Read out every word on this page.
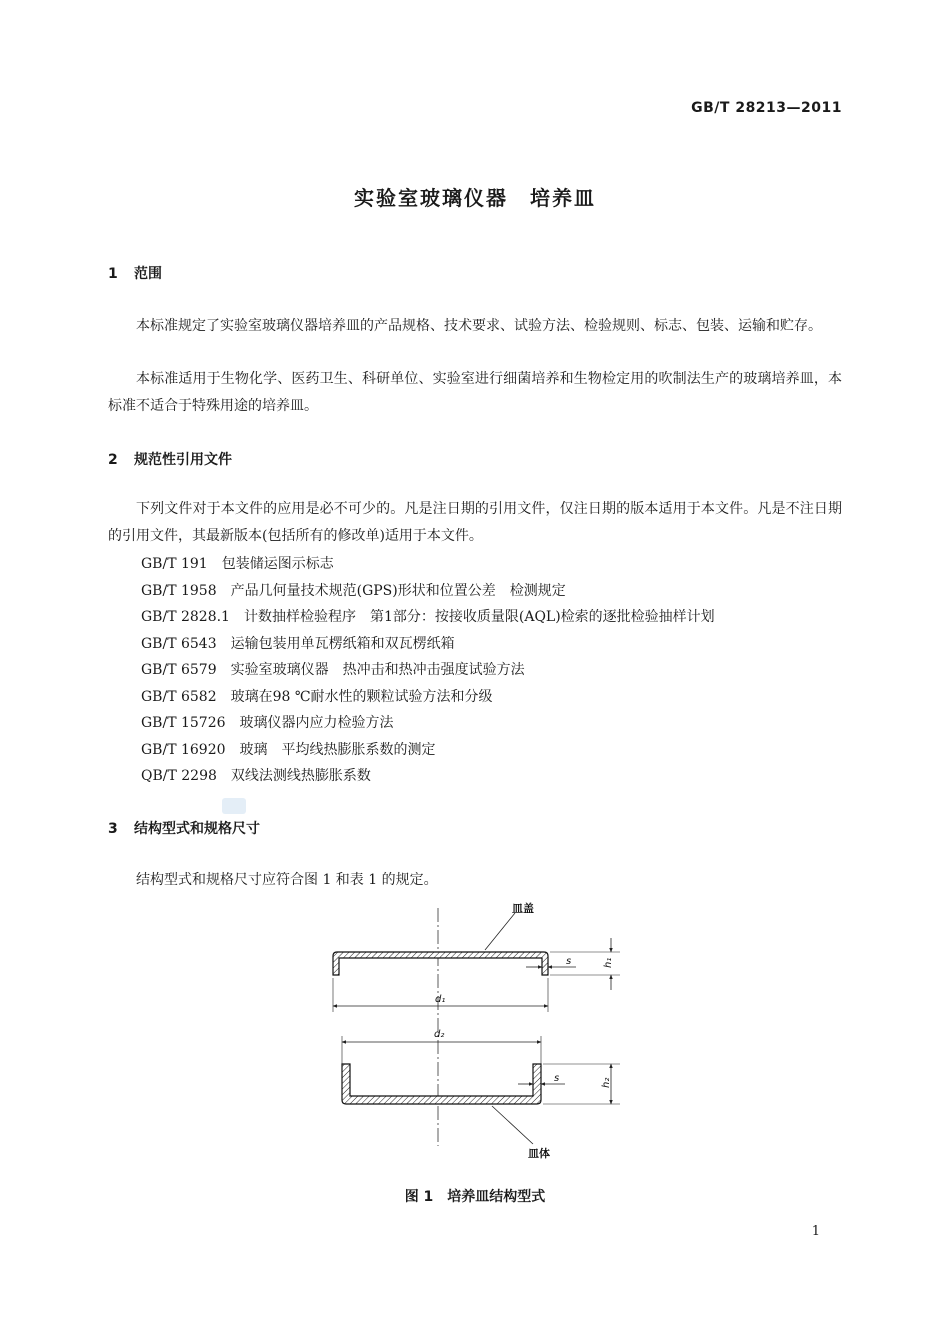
GB/T 28213—2011
实验室玻璃仪器　培养皿
1 范围
本标准规定了实验室玻璃仪器培养皿的产品规格、技术要求、试验方法、检验规则、标志、包装、运输和贮存。
本标准适用于生物化学、医药卫生、科研单位、实验室进行细菌培养和生物检定用的吹制法生产的玻璃培养皿，本标准不适合于特殊用途的培养皿。
2 规范性引用文件
下列文件对于本文件的应用是必不可少的。凡是注日期的引用文件，仅注日期的版本适用于本文件。凡是不注日期的引用文件，其最新版本(包括所有的修改单)适用于本文件。
GB/T 191　包装储运图示标志
GB/T 1958　产品几何量技术规范(GPS)形状和位置公差　检测规定
GB/T 2828.1　计数抽样检验程序　第1部分：按接收质量限(AQL)检索的逐批检验抽样计划
GB/T 6543　运输包装用单瓦楞纸箱和双瓦楞纸箱
GB/T 6579　实验室玻璃仪器　热冲击和热冲击强度试验方法
GB/T 6582　玻璃在98 ℃耐水性的颗粒试验方法和分级
GB/T 15726　玻璃仪器内应力检验方法
GB/T 16920　玻璃　平均线热膨胀系数的测定
QB/T 2298　双线法测线热膨胀系数
3 结构型式和规格尺寸
结构型式和规格尺寸应符合图 1 和表 1 的规定。
皿盖
h₁
s
d₁
d₂
h₂
s
皿体
图 1　培养皿结构型式
1
